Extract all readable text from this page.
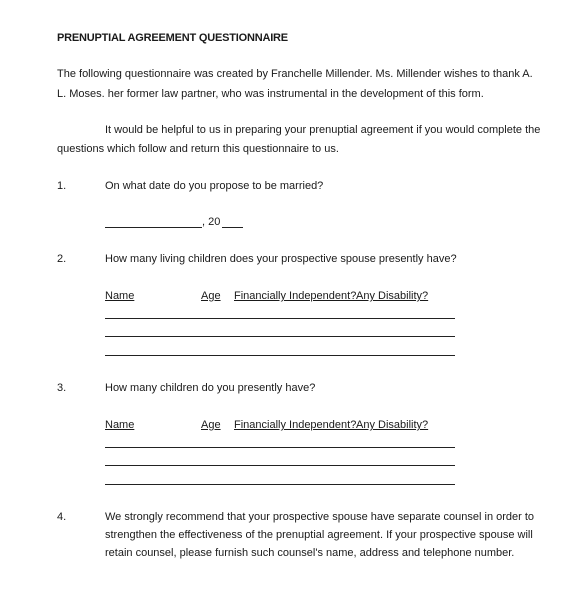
PRENUPTIAL AGREEMENT QUESTIONNAIRE
The following questionnaire was created by Franchelle Millender. Ms. Millender wishes to thank A.
L. Moses. her former law partner, who was instrumental in the development of this form.
It would be helpful to us in preparing your prenuptial agreement if you would complete the
questions which follow and return this questionnaire to us.
1.	On what date do you propose to be married?
, 20
2.	How many living children does your prospective spouse presently have?
Name	Age Financially Independent? Any Disability?
3.	How many children do you presently have?
Name	Age Financially Independent? Any Disability?
4.	We strongly recommend that your prospective spouse have separate counsel in order to
strengthen the effectiveness of the prenuptial agreement. If your prospective spouse will
retain counsel, please furnish such counsel's name, address and telephone number.
